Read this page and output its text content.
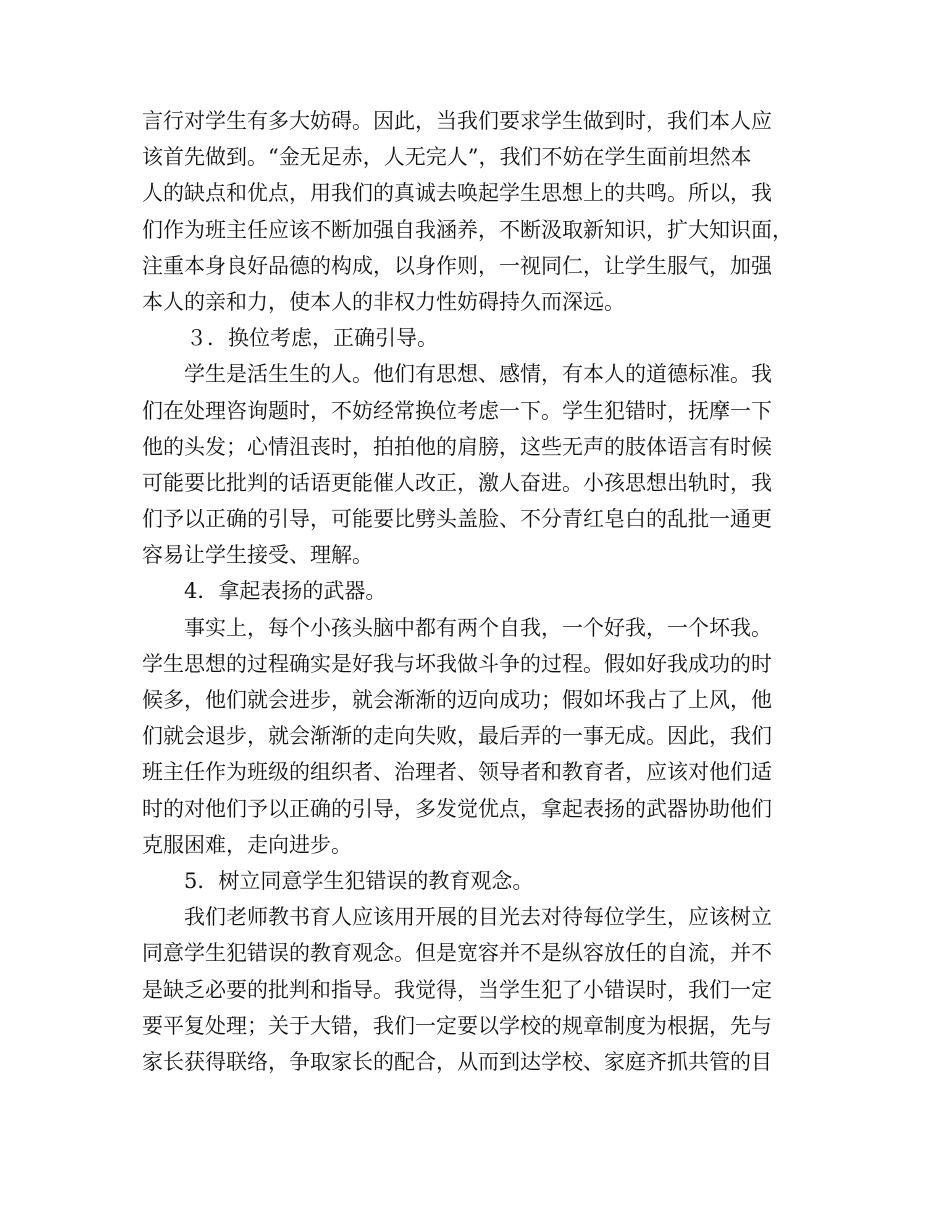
言行对学生有多大妨碍。因此，当我们要求学生做到时，我们本人应
该首先做到。“金无足赤，人无完人”，我们不妨在学生面前坦然本
人的缺点和优点，用我们的真诚去唤起学生思想上的共鸣。所以，我
们作为班主任应该不断加强自我涵养，不断汲取新知识，扩大知识面，
注重本身良好品德的构成，以身作则，一视同仁，让学生服气，加强
本人的亲和力，使本人的非权力性妨碍持久而深远。
３．换位考虑，正确引导。
学生是活生生的人。他们有思想、感情，有本人的道德标准。我
们在处理咨询题时，不妨经常换位考虑一下。学生犯错时，抚摩一下
他的头发；心情沮丧时，拍拍他的肩膀，这些无声的肢体语言有时候
可能要比批判的话语更能催人改正，激人奋进。小孩思想出轨时，我
们予以正确的引导，可能要比劈头盖脸、不分青红皂白的乱批一通更
容易让学生接受、理解。
4．拿起表扬的武器。
事实上，每个小孩头脑中都有两个自我，一个好我，一个坏我。
学生思想的过程确实是好我与坏我做斗争的过程。假如好我成功的时
候多，他们就会进步，就会渐渐的迈向成功；假如坏我占了上风，他
们就会退步，就会渐渐的走向失败，最后弄的一事无成。因此，我们
班主任作为班级的组织者、治理者、领导者和教育者，应该对他们适
时的对他们予以正确的引导，多发觉优点，拿起表扬的武器协助他们
克服困难，走向进步。
5．树立同意学生犯错误的教育观念。
我们老师教书育人应该用开展的目光去对待每位学生，应该树立
同意学生犯错误的教育观念。但是宽容并不是纵容放任的自流，并不
是缺乏必要的批判和指导。我觉得，当学生犯了小错误时，我们一定
要平复处理；关于大错，我们一定要以学校的规章制度为根据，先与
家长获得联络，争取家长的配合，从而到达学校、家庭齐抓共管的目
